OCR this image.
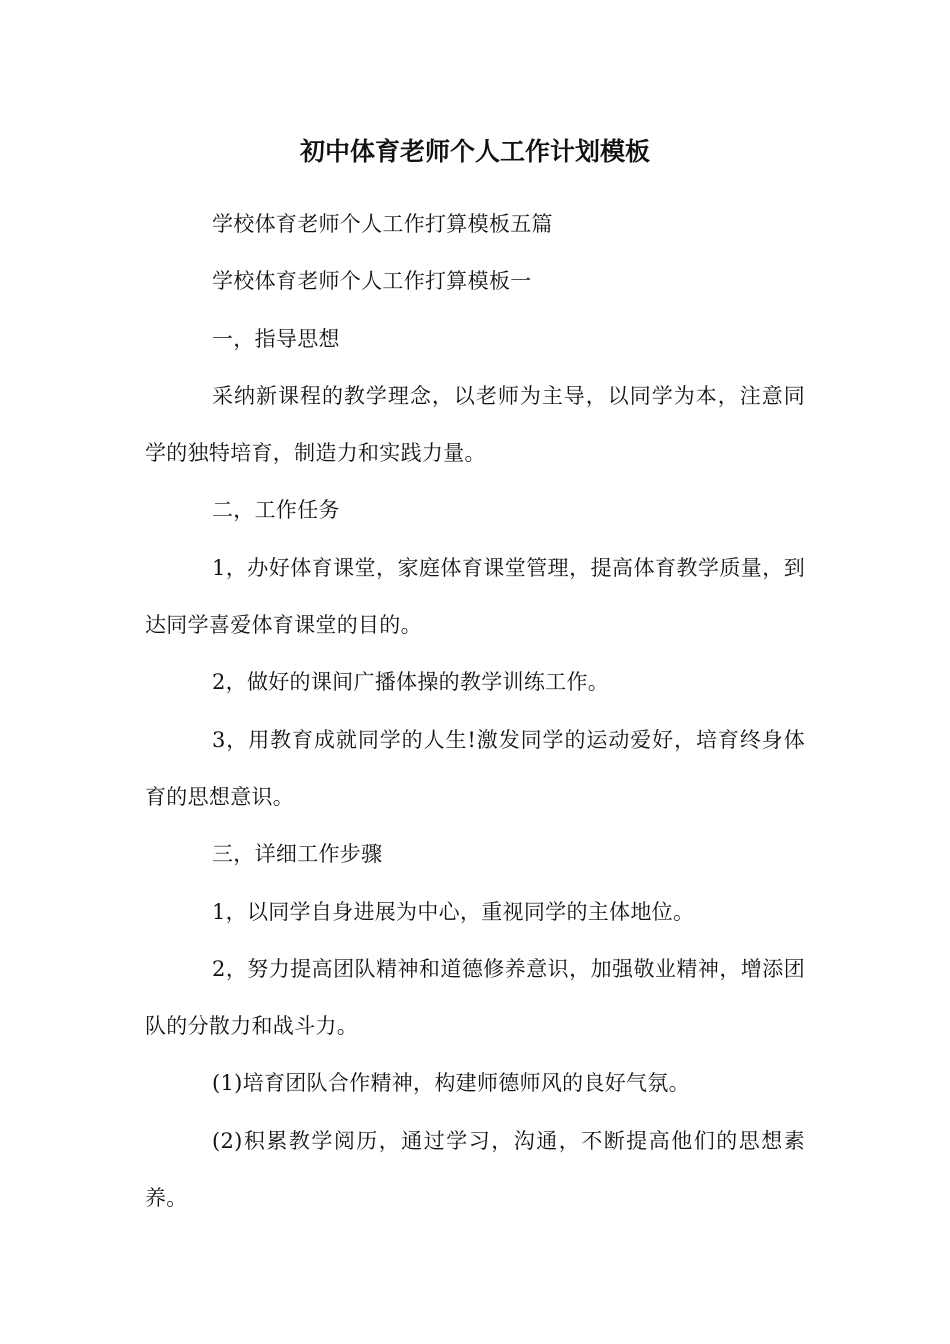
初中体育老师个人工作计划模板

学校体育老师个人工作打算模板五篇

学校体育老师个人工作打算模板一

一，指导思想

采纳新课程的教学理念，以老师为主导，以同学为本，注意同学的独特培育，制造力和实践力量。

二，工作任务

1，办好体育课堂，家庭体育课堂管理，提高体育教学质量，到达同学喜爱体育课堂的目的。

2，做好的课间广播体操的教学训练工作。

3，用教育成就同学的人生!激发同学的运动爱好，培育终身体育的思想意识。

三，详细工作步骤

1，以同学自身进展为中心，重视同学的主体地位。

2，努力提高团队精神和道德修养意识，加强敬业精神，增添团队的分散力和战斗力。

(1)培育团队合作精神，构建师德师风的良好气氛。

(2)积累教学阅历，通过学习，沟通，不断提高他们的思想素养。
